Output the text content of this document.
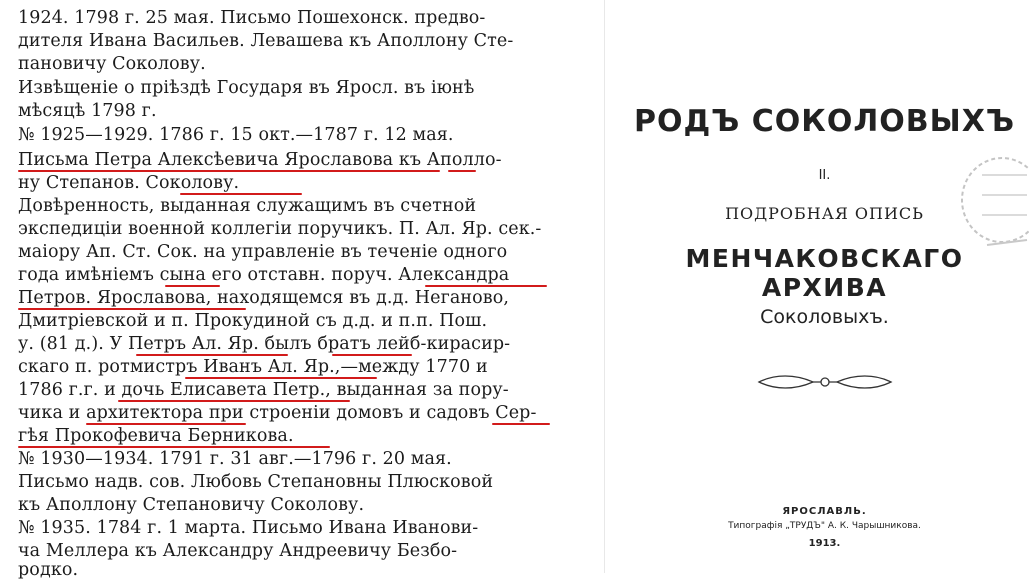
1924. 1798 г. 25 мая. Письмо Пошехонск. предво-
дителя Ивана Васильев. Левашева къ Аполлону Сте-
пановичу Соколову.
Извѣщеніе о пріѣздѣ Государя въ Яросл. въ іюнѣ
мѣсяцѣ 1798 г.
№ 1925—1929. 1786 г. 15 окт.—1787 г. 12 мая.
Письма Петра Алексѣевича Ярославова къ Аполло-
ну Степанов. Соколову.
Довѣренность, выданная служащимъ въ счетной
экспедиціи военной коллегіи поручикъ. П. Ал. Яр. сек.-
маіору Ап. Ст. Сок. на управленіе въ теченіе одного
года имѣніемъ сына его отставн. поруч. Александра
Петров. Ярославова, находящемся въ д.д. Неганово,
Дмитріевской и п. Прокудиной съ д.д. и п.п. Пош.
у. (81 д.). У Петръ Ал. Яр. былъ братъ лейб-кирасир-
скаго п. ротмистръ Иванъ Ал. Яр.,—между 1770 и
1786 г.г. и дочь Елисавета Петр., выданная за пору-
чика и архитектора при строеніи домовъ и садовъ Сер-
гѣя Прокофевича Берникова.
№ 1930—1934. 1791 г. 31 авг.—1796 г. 20 мая.
Письмо надв. сов. Любовь Степановны Плюсковой
къ Аполлону Степановичу Соколову.
№ 1935. 1784 г. 1 марта. Письмо Ивана Иванови-
ча Меллера къ Александру Андреевичу Безбо-
родко.
РОДЪ СОКОЛОВЫХЪ
II.
ПОДРОБНАЯ ОПИСЬ
МЕНЧАКОВСКАГО АРХИВА
Соколовыхъ.
ЯРОСЛАВЛЬ.
Типографія „ТРУДЪ" А. К. Чарышникова.
1913.
